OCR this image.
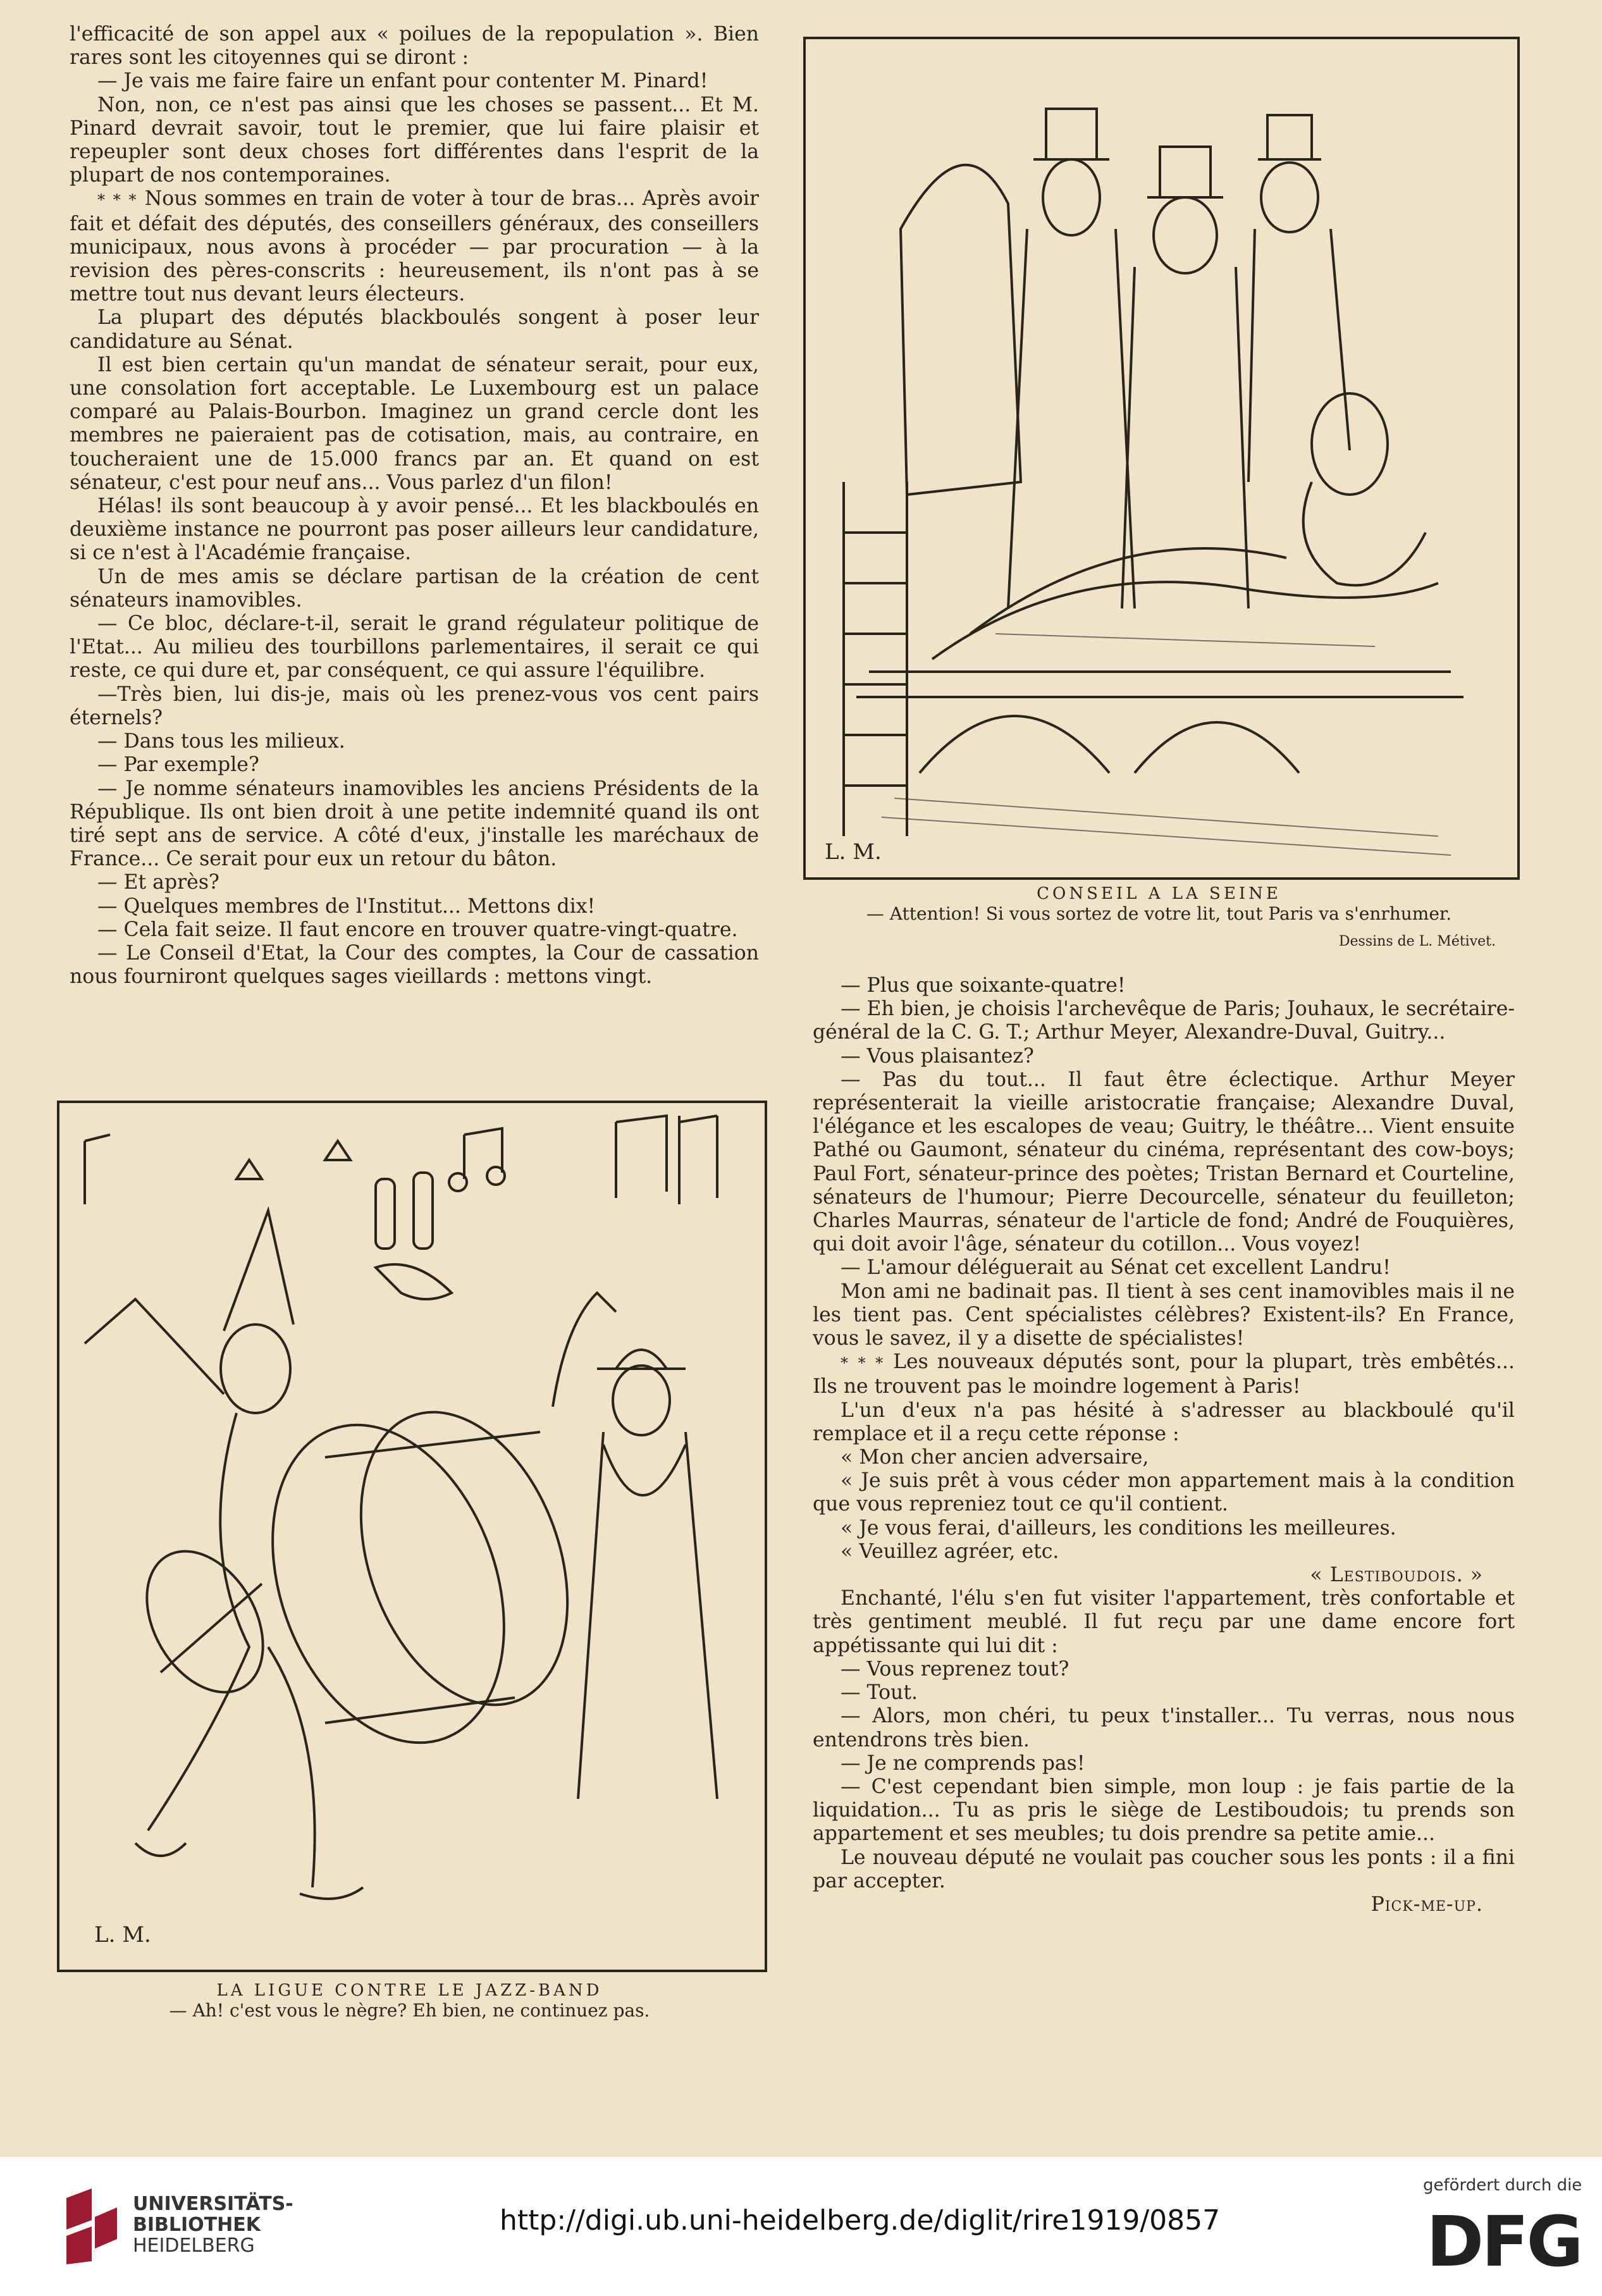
l'efficacité de son appel aux « poilues de la repopulation ». Bien rares sont les citoyennes qui se diront :

— Je vais me faire faire un enfant pour contenter M. Pinard!

Non, non, ce n'est pas ainsi que les choses se passent... Et M. Pinard devrait savoir, tout le premier, que lui faire plaisir et repeupler sont deux choses fort différentes dans l'esprit de la plupart de nos contemporaines.

* * * Nous sommes en train de voter à tour de bras... Après avoir fait et défait des députés, des conseillers généraux, des conseillers municipaux, nous avons à procéder — par procuration — à la revision des pères-conscrits : heureusement, ils n'ont pas à se mettre tout nus devant leurs électeurs.

La plupart des députés blackboulés songent à poser leur candidature au Sénat.

Il est bien certain qu'un mandat de sénateur serait, pour eux, une consolation fort acceptable. Le Luxembourg est un palace comparé au Palais-Bourbon. Imaginez un grand cercle dont les membres ne paieraient pas de cotisation, mais, au contraire, en toucheraient une de 15.000 francs par an. Et quand on est sénateur, c'est pour neuf ans... Vous parlez d'un filon!

Hélas! ils sont beaucoup à y avoir pensé... Et les blackboulés en deuxième instance ne pourront pas poser ailleurs leur candidature, si ce n'est à l'Académie française.

Un de mes amis se déclare partisan de la création de cent sénateurs inamovibles.

— Ce bloc, déclare-t-il, serait le grand régulateur politique de l'Etat... Au milieu des tourbillons parlementaires, il serait ce qui reste, ce qui dure et, par conséquent, ce qui assure l'équilibre.

—Très bien, lui dis-je, mais où les prenez-vous vos cent pairs éternels?

— Dans tous les milieux.

— Par exemple?

— Je nomme sénateurs inamovibles les anciens Présidents de la République. Ils ont bien droit à une petite indemnité quand ils ont tiré sept ans de service. A côté d'eux, j'installe les maréchaux de France... Ce serait pour eux un retour du bâton.

— Et après?

— Quelques membres de l'Institut... Mettons dix!

— Cela fait seize. Il faut encore en trouver quatre-vingt-quatre.

— Le Conseil d'Etat, la Cour des comptes, la Cour de cassation nous fourniront quelques sages vieillards : mettons vingt.

L. M.
CONSEIL A LA SEINE
— Attention! Si vous sortez de votre lit, tout Paris va s'enrhumer.
Dessins de L. Métivet.

— Plus que soixante-quatre!

— Eh bien, je choisis l'archevêque de Paris; Jouhaux, le secrétaire-général de la C. G. T.; Arthur Meyer, Alexandre-Duval, Guitry...

— Vous plaisantez?

— Pas du tout... Il faut être éclectique. Arthur Meyer représenterait la vieille aristocratie française; Alexandre Duval, l'élégance et les escalopes de veau; Guitry, le théâtre... Vient ensuite Pathé ou Gaumont, sénateur du cinéma, représentant des cow-boys; Paul Fort, sénateur-prince des poètes; Tristan Bernard et Courteline, sénateurs de l'humour; Pierre Decourcelle, sénateur du feuilleton; Charles Maurras, sénateur de l'article de fond; André de Fouquières, qui doit avoir l'âge, sénateur du cotillon... Vous voyez!

— L'amour déléguerait au Sénat cet excellent Landru!

Mon ami ne badinait pas. Il tient à ses cent inamovibles mais il ne les tient pas. Cent spécialistes célèbres? Existent-ils? En France, vous le savez, il y a disette de spécialistes!

* * * Les nouveaux députés sont, pour la plupart, très embêtés... Ils ne trouvent pas le moindre logement à Paris!

L'un d'eux n'a pas hésité à s'adresser au blackboulé qu'il remplace et il a reçu cette réponse :

« Mon cher ancien adversaire,

« Je suis prêt à vous céder mon appartement mais à la condition que vous repreniez tout ce qu'il contient.

« Je vous ferai, d'ailleurs, les conditions les meilleures.

« Veuillez agréer, etc.

« Lestiboudois. »

Enchanté, l'élu s'en fut visiter l'appartement, très confortable et très gentiment meublé. Il fut reçu par une dame encore fort appétissante qui lui dit :

— Vous reprenez tout?

— Tout.

— Alors, mon chéri, tu peux t'installer... Tu verras, nous nous entendrons très bien.

— Je ne comprends pas!

— C'est cependant bien simple, mon loup : je fais partie de la liquidation... Tu as pris le siège de Lestiboudois; tu prends son appartement et ses meubles; tu dois prendre sa petite amie...

Le nouveau député ne voulait pas coucher sous les ponts : il a fini par accepter.

Pick-me-up.

L. M.
LA LIGUE CONTRE LE JAZZ-BAND
— Ah! c'est vous le nègre? Eh bien, ne continuez pas.
UNIVERSITÄTS-
BIBLIOTHEK
HEIDELBERG
http://digi.ub.uni-heidelberg.de/diglit/rire1919/0857
gefördert durch die
DFG
